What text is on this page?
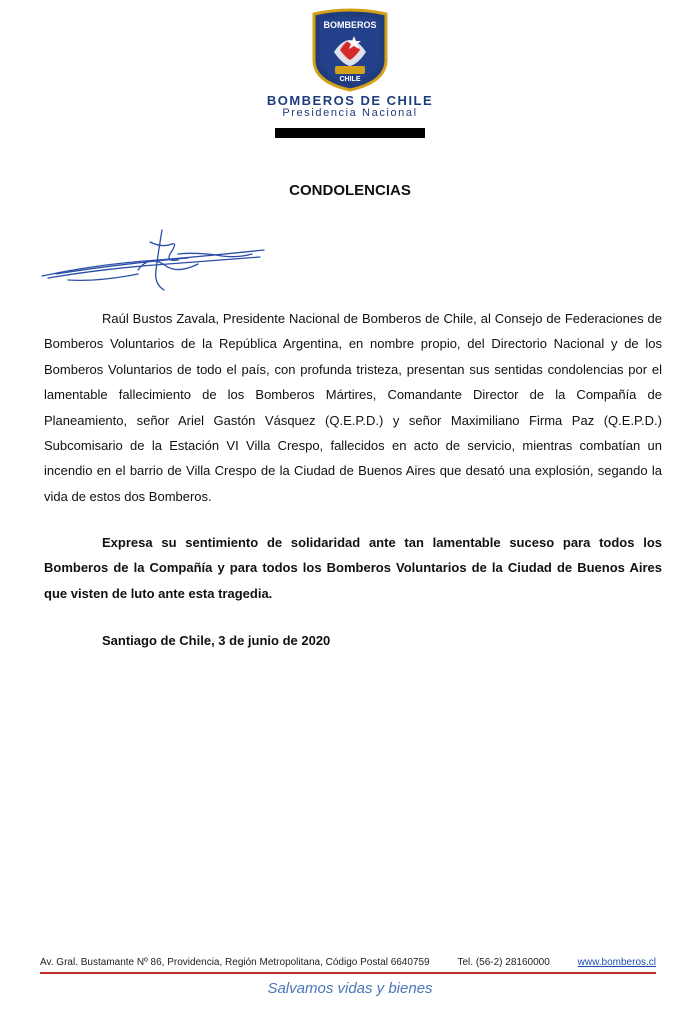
BOMBEROS
CHILE
BOMBEROS DE CHILE
Presidencia Nacional
CONDOLENCIAS

Raúl Bustos Zavala, Presidente Nacional de Bomberos de Chile, al Consejo de Federaciones de Bomberos Voluntarios de la República Argentina, en nombre propio, del Directorio Nacional y de los Bomberos Voluntarios de todo el país, con profunda tristeza, presentan sus sentidas condolencias por el lamentable fallecimiento de los Bomberos Mártires, Comandante Director de la Compañía de Planeamiento, señor Ariel Gastón Vásquez (Q.E.P.D.) y señor Maximiliano Firma Paz (Q.E.P.D.) Subcomisario de la Estación VI Villa Crespo, fallecidos en acto de servicio, mientras combatían un incendio en el barrio de Villa Crespo de la Ciudad de Buenos Aires que desató una explosión, segando la vida de estos dos Bomberos.

Expresa su sentimiento de solidaridad ante tan lamentable suceso para todos los Bomberos de la Compañía y para todos los Bomberos Voluntarios de la Ciudad de Buenos Aires que visten de luto ante esta tragedia.

Santiago de Chile, 3 de junio de 2020
Av. Gral. Bustamante Nº 86, Providencia, Región Metropolitana, Código Postal 6640759	Tel. (56-2) 28160000	www.bomberos.cl
Salvamos vidas y bienes
